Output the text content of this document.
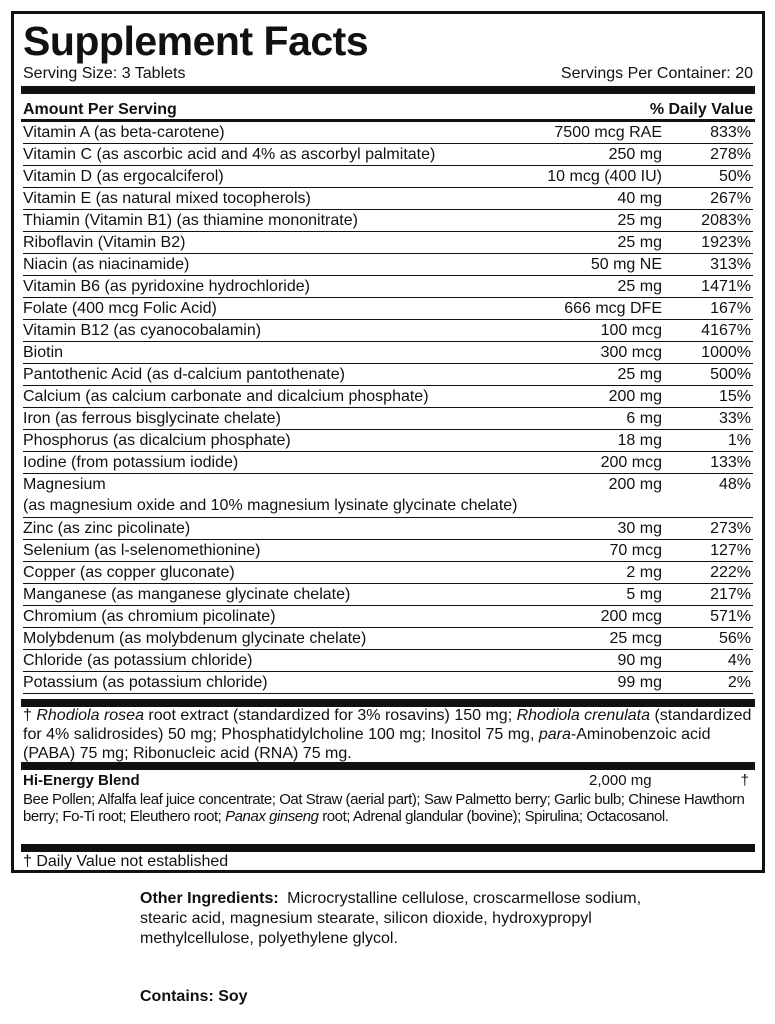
Supplement Facts
Serving Size: 3 Tablets	Servings Per Container: 20
Amount Per Serving	% Daily Value
Vitamin A (as beta-carotene)	7500 mcg RAE	833%
Vitamin C (as ascorbic acid and 4% as ascorbyl palmitate)	250 mg	278%
Vitamin D (as ergocalciferol)	10 mcg (400 IU)	50%
Vitamin E (as natural mixed tocopherols)	40 mg	267%
Thiamin (Vitamin B1) (as thiamine mononitrate)	25 mg 2083%
Riboflavin (Vitamin B2)	25 mg 1923%
Niacin (as niacinamide)	50 mg NE	313%
Vitamin B6 (as pyridoxine hydrochloride)	25 mg 1471%
Folate (400 mcg Folic Acid)	666 mcg DFE	167%
Vitamin B12 (as cyanocobalamin)	100 mcg 4167%
Biotin	300 mcg 1000%
Pantothenic Acid (as d-calcium pantothenate)	25 mg	500%
Calcium (as calcium carbonate and dicalcium phosphate)	200 mg	15%
Iron (as ferrous bisglycinate chelate)	6 mg	33%
Phosphorus (as dicalcium phosphate)	18 mg	1%
Iodine (from potassium iodide)	200 mcg	133%
Magnesium
(as magnesium oxide and 10% magnesium lysinate glycinate chelate)
200 mg	48%
Zinc (as zinc picolinate)	30 mg	273%
Selenium (as l-selenomethionine)	70 mcg	127%
Copper (as copper gluconate)	2 mg	222%
Manganese (as manganese glycinate chelate)	5 mg	217%
Chromium (as chromium picolinate)	200 mcg	571%
Molybdenum (as molybdenum glycinate chelate)	25 mcg	56%
Chloride (as potassium chloride)	90 mg	4%
Potassium (as potassium chloride)	99 mg	2%
† Rhodiola rosea root extract (standardized for 3% rosavins) 150 mg; Rhodiola crenulata (standardized for 4% salidrosides) 50 mg; Phosphatidylcholine 100 mg; Inositol 75 mg, para-Aminobenzoic acid (PABA) 75 mg; Ribonucleic acid (RNA) 75 mg.
Hi-Energy Blend	2,000 mg	†
Bee Pollen; Alfalfa leaf juice concentrate; Oat Straw (aerial part); Saw Palmetto berry; Garlic bulb; Chinese Hawthorn berry; Fo-Ti root; Eleuthero root; Panax ginseng root; Adrenal glandular (bovine); Spirulina; Octacosanol.
† Daily Value not established
Other Ingredients: Microcrystalline cellulose, croscarmellose sodium, stearic acid, magnesium stearate, silicon dioxide, hydroxypropyl methylcellulose, polyethylene glycol.
Contains: Soy
